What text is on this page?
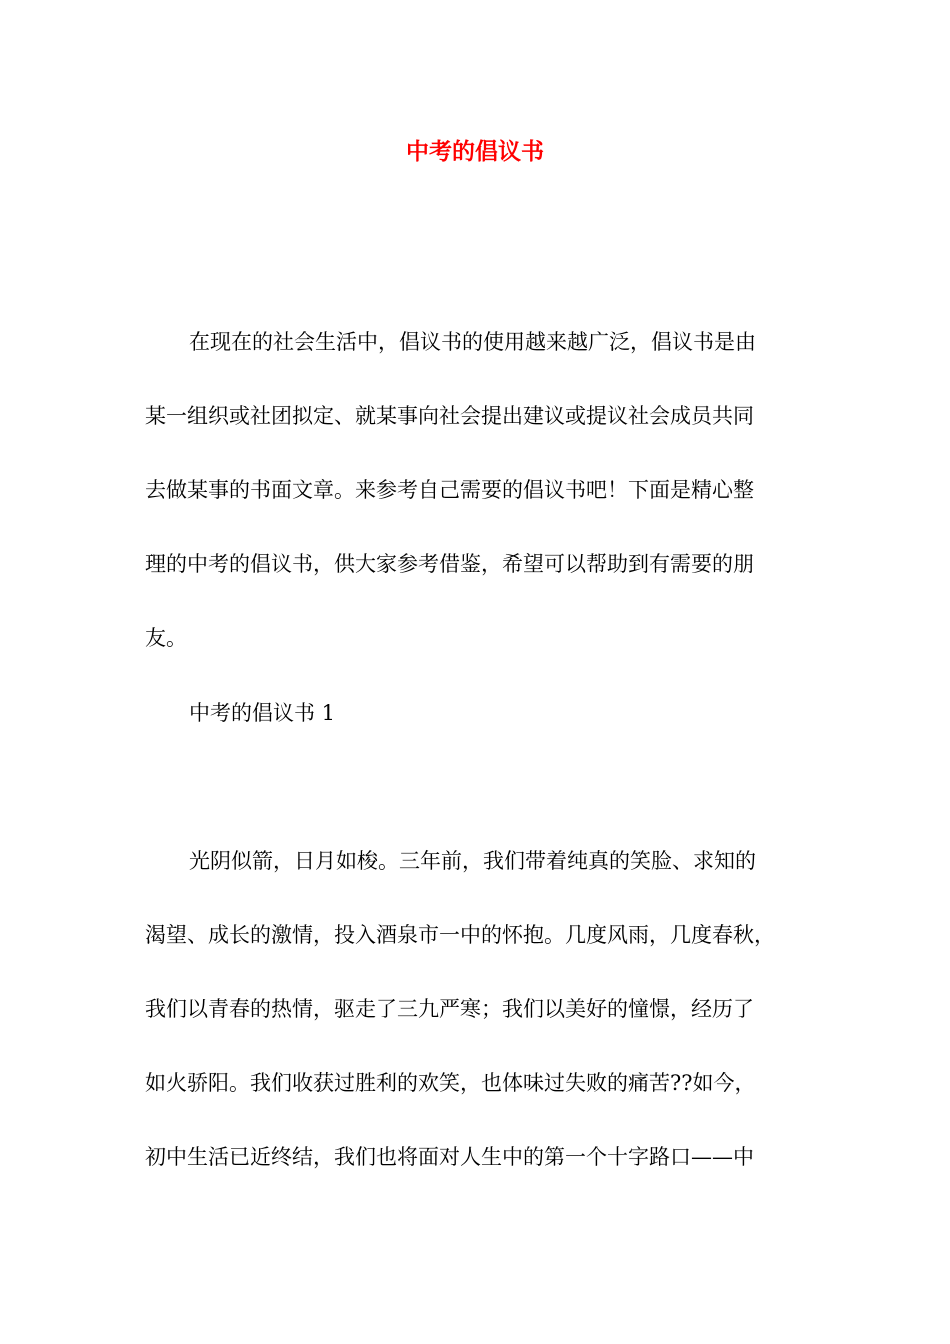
中考的倡议书
在现在的社会生活中，倡议书的使用越来越广泛，倡议书是由
某一组织或社团拟定、就某事向社会提出建议或提议社会成员共同
去做某事的书面文章。来参考自己需要的倡议书吧！下面是精心整
理的中考的倡议书，供大家参考借鉴，希望可以帮助到有需要的朋
友。
中考的倡议书 1
光阴似箭，日月如梭。三年前，我们带着纯真的笑脸、求知的
渴望、成长的激情，投入酒泉市一中的怀抱。几度风雨，几度春秋，
我们以青春的热情，驱走了三九严寒；我们以美好的憧憬，经历了
如火骄阳。我们收获过胜利的欢笑，也体味过失败的痛苦??如今，
初中生活已近终结，我们也将面对人生中的第一个十字路口——中
